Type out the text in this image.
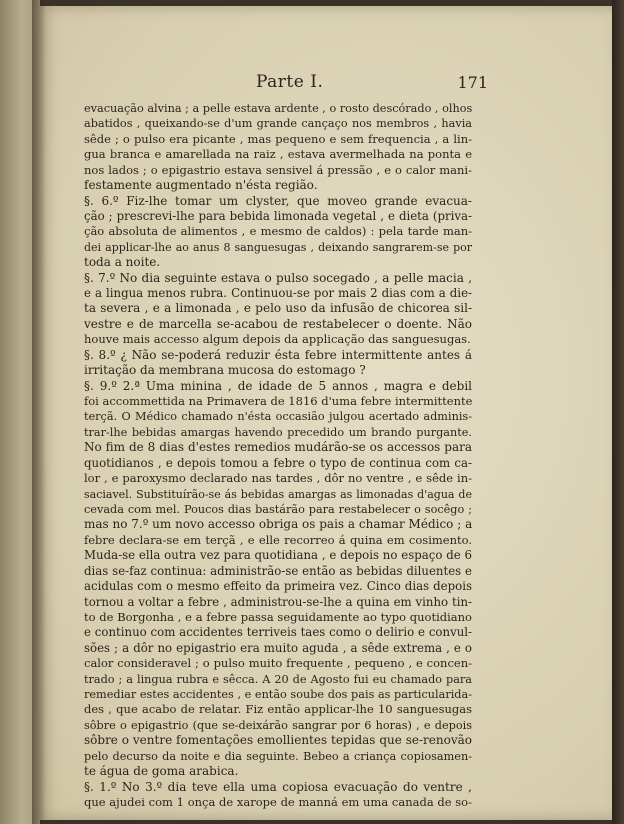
Parte I.	171
evacuação alvina ; a pelle estava ardente , o rosto descórado , olhos
abatidos , queixando-se d'um grande cançaço nos membros , havia
sêde ; o pulso era picante , mas pequeno e sem frequencia , a lin-
gua branca e amarellada na raiz , estava avermelhada na ponta e
nos lados ; o epigastrio estava sensivel á pressão , e o calor mani-
festamente augmentado n'ésta região.
§. 6.º Fiz-lhe tomar um clyster, que moveo grande evacua-
ção ; prescrevi-lhe para bebida limonada vegetal , e dieta (priva-
ção absoluta de alimentos , e mesmo de caldos) : pela tarde man-
dei applicar-lhe ao anus 8 sanguesugas , deixando sangrarem-se por
toda a noite.
§. 7.º No dia seguinte estava o pulso socegado , a pelle macia ,
e a lingua menos rubra. Continuou-se por mais 2 dias com a die-
ta severa , e a limonada , e pelo uso da infusão de chicorea sil-
vestre e de marcella se-acabou de restabelecer o doente. Não
houve mais accesso algum depois da applicação das sanguesugas.
§. 8.º ¿ Não se-poderá reduzir ésta febre intermittente antes á
irritação da membrana mucosa do estomago ?
§. 9.º 2.ª Uma minina , de idade de 5 annos , magra e debil
foi accommettida na Primavera de 1816 d'uma febre intermittente
terçã. O Médico chamado n'ésta occasião julgou acertado adminis-
trar-lhe bebidas amargas havendo precedido um brando purgante.
No fim de 8 dias d'estes remedios mudárão-se os accessos para
quotidianos , e depois tomou a febre o typo de continua com ca-
lor , e paroxysmo declarado nas tardes , dôr no ventre , e sêde in-
saciavel. Substituírão-se ás bebidas amargas as limonadas d'agua de
cevada com mel. Poucos dias bastárão para restabelecer o socêgo ;
mas no 7.º um novo accesso obriga os pais a chamar Médico ; a
febre declara-se em terçã , e elle recorreo á quina em cosimento.
Muda-se ella outra vez para quotidiana , e depois no espaço de 6
dias se-faz continua: administrão-se então as bebidas diluentes e
acidulas com o mesmo effeito da primeira vez. Cinco dias depois
tornou a voltar a febre , administrou-se-lhe a quina em vinho tin-
to de Borgonha , e a febre passa seguidamente ao typo quotidiano
e continuo com accidentes terriveis taes como o delirio e convul-
sões ; a dôr no epigastrio era muito aguda , a sêde extrema , e o
calor consideravel ; o pulso muito frequente , pequeno , e concen-
trado ; a lingua rubra e sêcca. A 20 de Agosto fui eu chamado para
remediar estes accidentes , e então soube dos pais as particularida-
des , que acabo de relatar. Fiz então applicar-lhe 10 sanguesugas
sôbre o epigastrio (que se-deixárão sangrar por 6 horas) , e depois
sôbre o ventre fomentações emollientes tepidas que se-renovão
pelo decurso da noite e dia seguinte. Bebeo a criança copiosamen-
te água de goma arabica.
§. 1.º No 3.º dia teve ella uma copiosa evacuação do ventre ,
que ajudei com 1 onça de xarope de manná em uma canada de so-
